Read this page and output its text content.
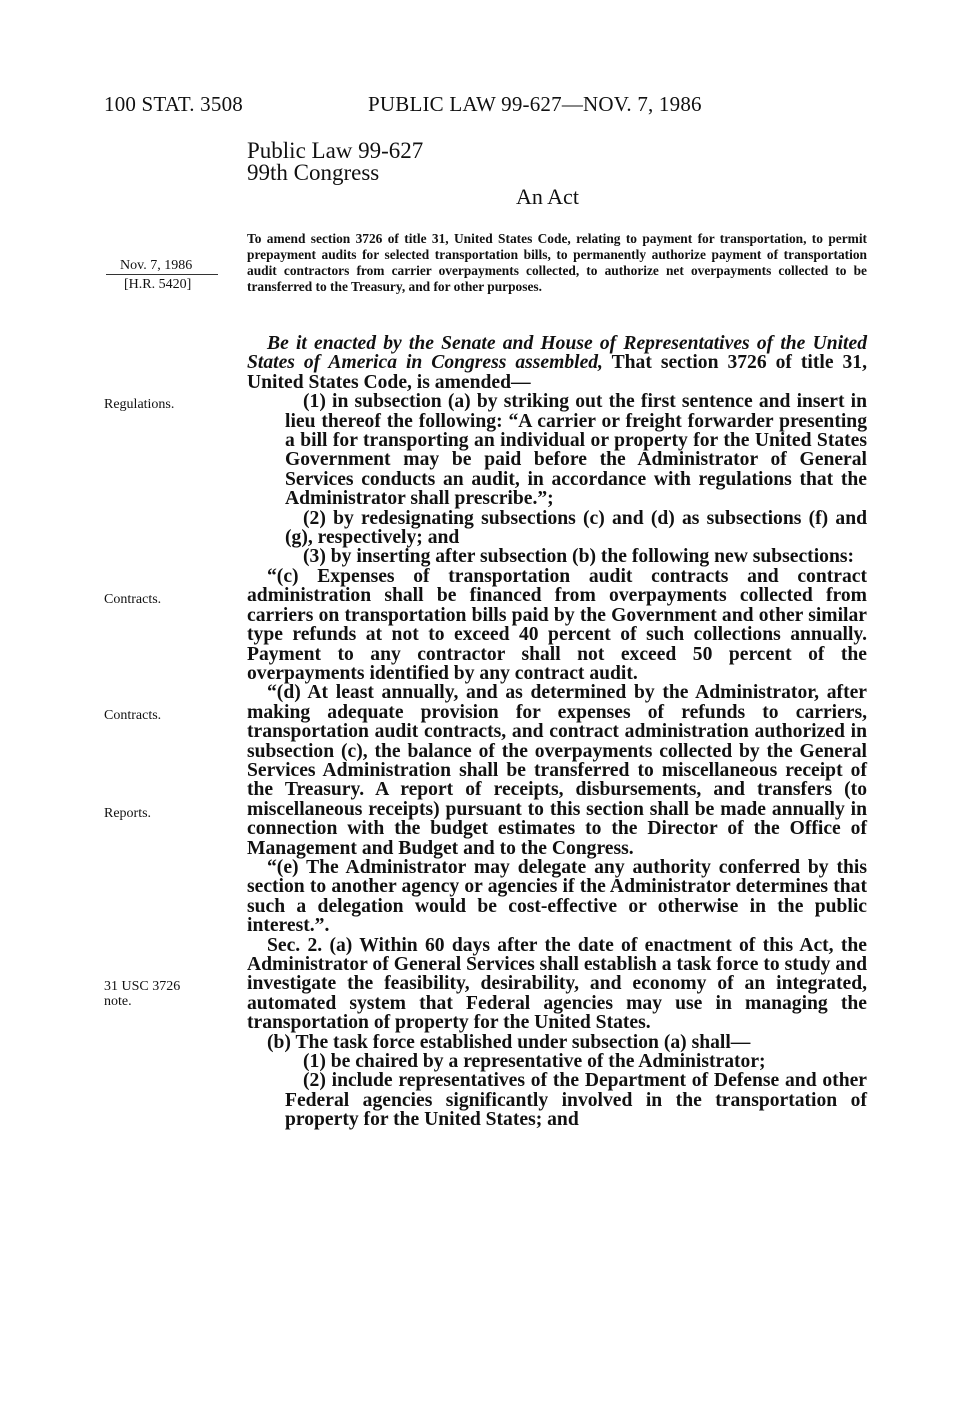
100 STAT. 3508	PUBLIC LAW 99-627—NOV. 7, 1986
Public Law 99-627
99th Congress
An Act
Nov. 7, 1986
[H.R. 5420]
Regulations.
Contracts.
Contracts.
Reports.
31 USC 3726 note.
To amend section 3726 of title 31, United States Code, relating to payment for transportation, to permit prepayment audits for selected transportation bills, to permanently authorize payment of transportation audit contractors from carrier overpayments collected, to authorize net overpayments collected to be transferred to the Treasury, and for other purposes.

Be it enacted by the Senate and House of Representatives of the United States of America in Congress assembled, That section 3726 of title 31, United States Code, is amended—

(1) in subsection (a) by striking out the first sentence and insert in lieu thereof the following: “A carrier or freight forwarder presenting a bill for transporting an individual or property for the United States Government may be paid before the Administrator of General Services conducts an audit, in accordance with regulations that the Administrator shall prescribe.”;

(2) by redesignating subsections (c) and (d) as subsections (f) and (g), respectively; and

(3) by inserting after subsection (b) the following new subsections:

“(c) Expenses of transportation audit contracts and contract administration shall be financed from overpayments collected from carriers on transportation bills paid by the Government and other similar type refunds at not to exceed 40 percent of such collections annually. Payment to any contractor shall not exceed 50 percent of the overpayments identified by any contract audit.

“(d) At least annually, and as determined by the Administrator, after making adequate provision for expenses of refunds to carriers, transportation audit contracts, and contract administration authorized in subsection (c), the balance of the overpayments collected by the General Services Administration shall be transferred to miscellaneous receipt of the Treasury. A report of receipts, disbursements, and transfers (to miscellaneous receipts) pursuant to this section shall be made annually in connection with the budget estimates to the Director of the Office of Management and Budget and to the Congress.

“(e) The Administrator may delegate any authority conferred by this section to another agency or agencies if the Administrator determines that such a delegation would be cost-effective or otherwise in the public interest.”.

Sec. 2. (a) Within 60 days after the date of enactment of this Act, the Administrator of General Services shall establish a task force to study and investigate the feasibility, desirability, and economy of an integrated, automated system that Federal agencies may use in managing the transportation of property for the United States.

(b) The task force established under subsection (a) shall—

(1) be chaired by a representative of the Administrator;

(2) include representatives of the Department of Defense and other Federal agencies significantly involved in the transportation of property for the United States; and
